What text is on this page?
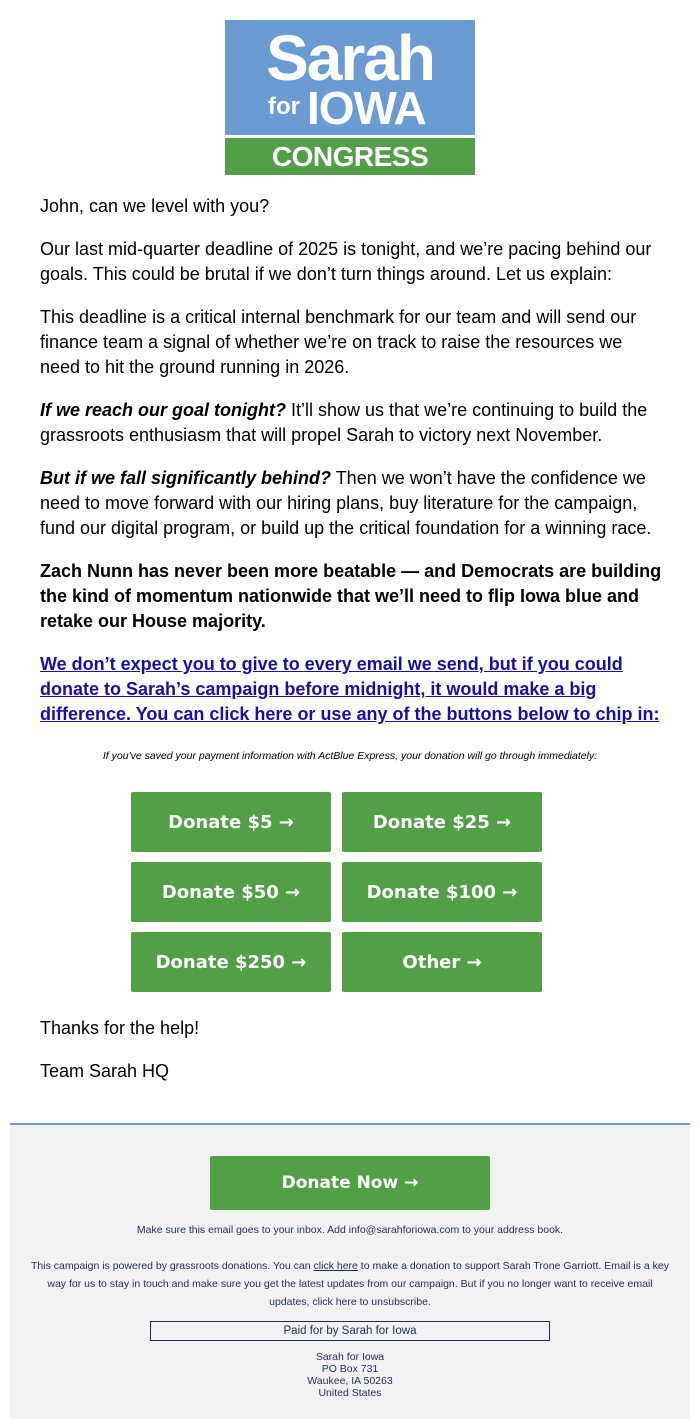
Sarah
for IOWA
CONGRESS
John, can we level with you?
Our last mid-quarter deadline of 2025 is tonight, and we’re pacing behind our goals. This could be brutal if we don’t turn things around. Let us explain:
This deadline is a critical internal benchmark for our team and will send our finance team a signal of whether we’re on track to raise the resources we need to hit the ground running in 2026.
If we reach our goal tonight? It’ll show us that we’re continuing to build the grassroots enthusiasm that will propel Sarah to victory next November.
But if we fall significantly behind? Then we won’t have the confidence we need to move forward with our hiring plans, buy literature for the campaign, fund our digital program, or build up the critical foundation for a winning race.
Zach Nunn has never been more beatable — and Democrats are building the kind of momentum nationwide that we’ll need to flip Iowa blue and retake our House majority.
We don’t expect you to give to every email we send, but if you could donate to Sarah’s campaign before midnight, it would make a big difference. You can click here or use any of the buttons below to chip in:
If you've saved your payment information with ActBlue Express, your donation will go through immediately:
Donate $5 →	Donate $25 →
Donate $50 →	Donate $100 →
Donate $250 →	Other →
Thanks for the help!
Team Sarah HQ
Donate Now →
Make sure this email goes to your inbox. Add info@sarahforiowa.com to your address book.
This campaign is powered by grassroots donations. You can click here to make a donation to support Sarah Trone Garriott. Email is a key way for us to stay in touch and make sure you get the latest updates from our campaign. But if you no longer want to receive email updates, click here to unsubscribe.
Paid for by Sarah for Iowa
Sarah for Iowa
PO Box 731
Waukee, IA 50263
United States
